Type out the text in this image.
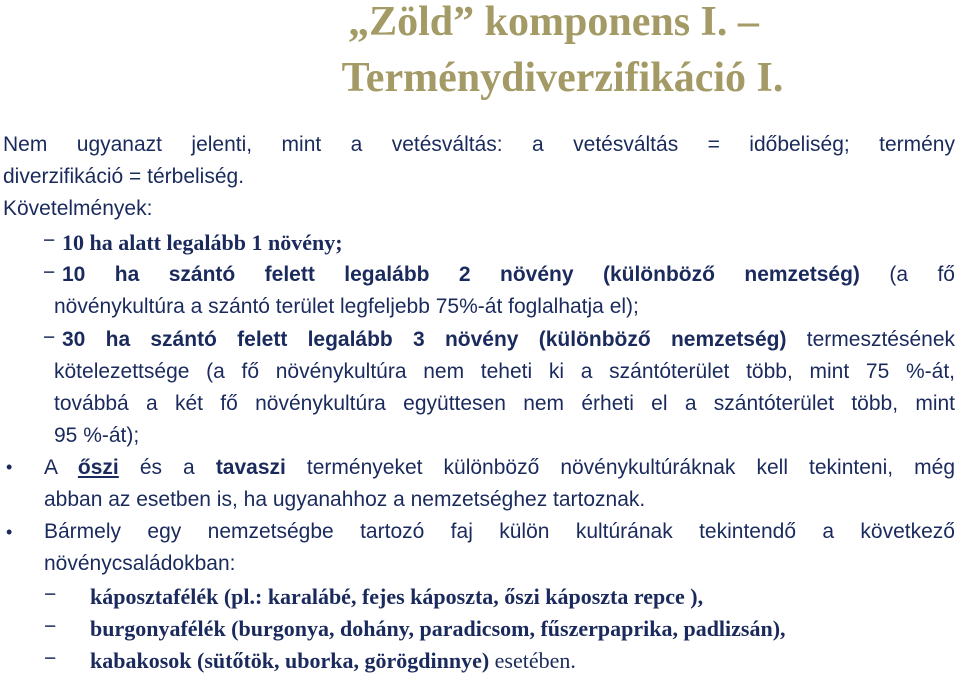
„Zöld” komponens I. –
Terménydiverzifikáció I.
Nem ugyanazt jelenti, mint a vetésváltás: a vetésváltás = időbeliség; termény
diverzifikáció = térbeliség.
Követelmények:
− 10 ha alatt legalább 1 növény;
− 10 ha szántó felett legalább 2 növény (különböző nemzetség) (a fő
növénykultúra a szántó terület legfeljebb 75%-át foglalhatja el);
− 30 ha szántó felett legalább 3 növény (különböző nemzetség) termesztésének
kötelezettsége (a fő növénykultúra nem teheti ki a szántóterület több, mint 75 %-át,
továbbá a két fő növénykultúra együttesen nem érheti el a szántóterület több, mint
95 %-át);
• A őszi és a tavaszi terményeket különböző növénykultúráknak kell tekinteni, még
abban az esetben is, ha ugyanahhoz a nemzetséghez tartoznak.
• Bármely egy nemzetségbe tartozó faj külön kultúrának tekintendő a következő
növénycsaládokban:
− káposztafélék (pl.: karalábé, fejes káposzta, őszi káposzta repce ),
− burgonyafélék (burgonya, dohány, paradicsom, fűszerpaprika, padlizsán),
− kabakosok (sütőtök, uborka, görögdinnye) esetében.
